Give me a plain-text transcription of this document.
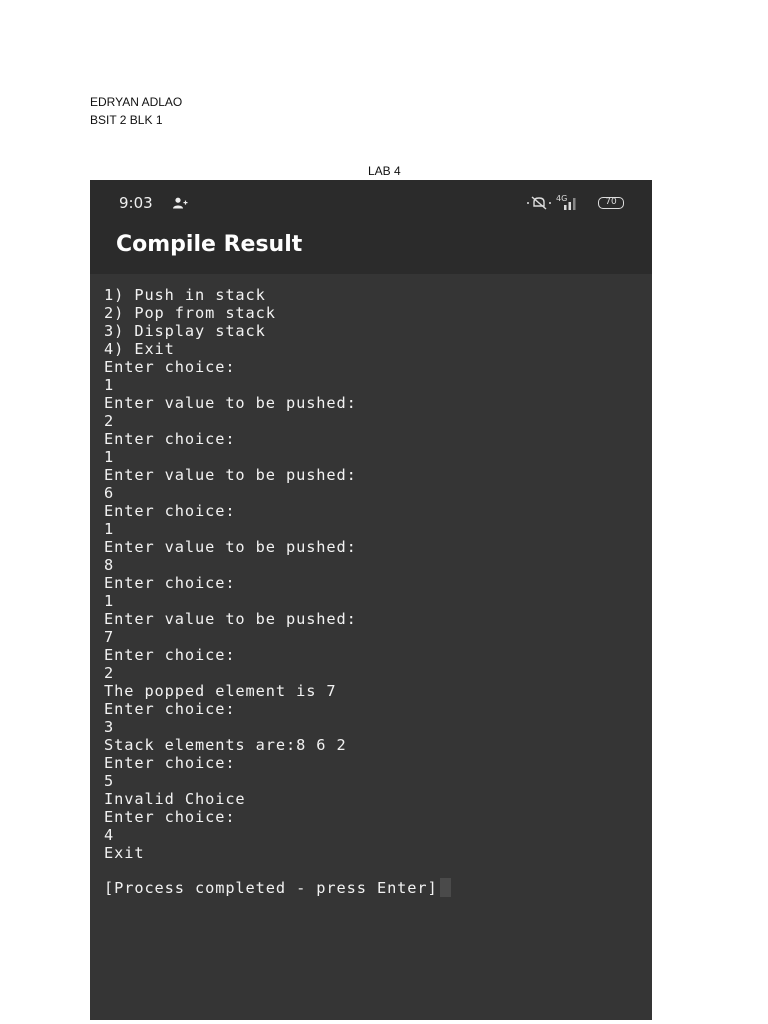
EDRYAN ADLAO
BSIT 2 BLK 1
LAB 4
9:03	4G	70
Compile Result
1) Push in stack
2) Pop from stack
3) Display stack
4) Exit
Enter choice:
1
Enter value to be pushed:
2
Enter choice:
1
Enter value to be pushed:
6
Enter choice:
1
Enter value to be pushed:
8
Enter choice:
1
Enter value to be pushed:
7
Enter choice:
2
The popped element is 7
Enter choice:
3
Stack elements are:8 6 2
Enter choice:
5
Invalid Choice
Enter choice:
4
Exit
[Process completed - press Enter]
